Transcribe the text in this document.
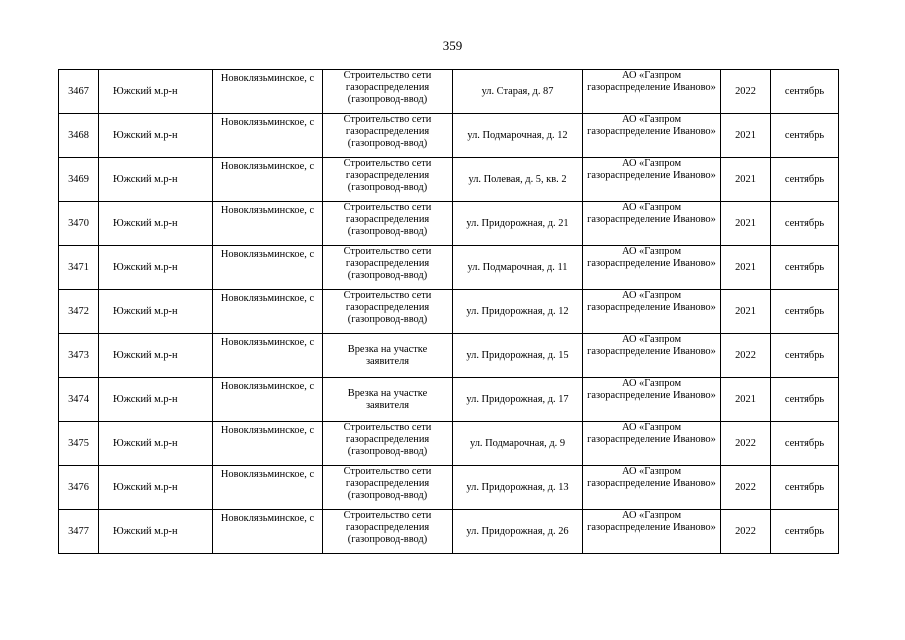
359
3467	Южский м.р-н	Новоклязьминское, с	Строительство сети газораспределения (газопровод-ввод)	ул. Старая, д. 87	АО «Газпром газораспределение Иваново»	2022	сентябрь
3468	Южский м.р-н	Новоклязьминское, с	Строительство сети газораспределения (газопровод-ввод)	ул. Подмарочная, д. 12	АО «Газпром газораспределение Иваново»	2021	сентябрь
3469	Южский м.р-н	Новоклязьминское, с	Строительство сети газораспределения (газопровод-ввод)	ул. Полевая, д. 5, кв. 2	АО «Газпром газораспределение Иваново»	2021	сентябрь
3470	Южский м.р-н	Новоклязьминское, с	Строительство сети газораспределения (газопровод-ввод)	ул. Придорожная, д. 21	АО «Газпром газораспределение Иваново»	2021	сентябрь
3471	Южский м.р-н	Новоклязьминское, с	Строительство сети газораспределения (газопровод-ввод)	ул. Подмарочная, д. 11	АО «Газпром газораспределение Иваново»	2021	сентябрь
3472	Южский м.р-н	Новоклязьминское, с	Строительство сети газораспределения (газопровод-ввод)	ул. Придорожная, д. 12	АО «Газпром газораспределение Иваново»	2021	сентябрь
3473	Южский м.р-н	Новоклязьминское, с	Врезка на участке заявителя	ул. Придорожная, д. 15	АО «Газпром газораспределение Иваново»	2022	сентябрь
3474	Южский м.р-н	Новоклязьминское, с	Врезка на участке заявителя	ул. Придорожная, д. 17	АО «Газпром газораспределение Иваново»	2021	сентябрь
3475	Южский м.р-н	Новоклязьминское, с	Строительство сети газораспределения (газопровод-ввод)	ул. Подмарочная, д. 9	АО «Газпром газораспределение Иваново»	2022	сентябрь
3476	Южский м.р-н	Новоклязьминское, с	Строительство сети газораспределения (газопровод-ввод)	ул. Придорожная, д. 13	АО «Газпром газораспределение Иваново»	2022	сентябрь
3477	Южский м.р-н	Новоклязьминское, с	Строительство сети газораспределения (газопровод-ввод)	ул. Придорожная, д. 26	АО «Газпром газораспределение Иваново»	2022	сентябрь
